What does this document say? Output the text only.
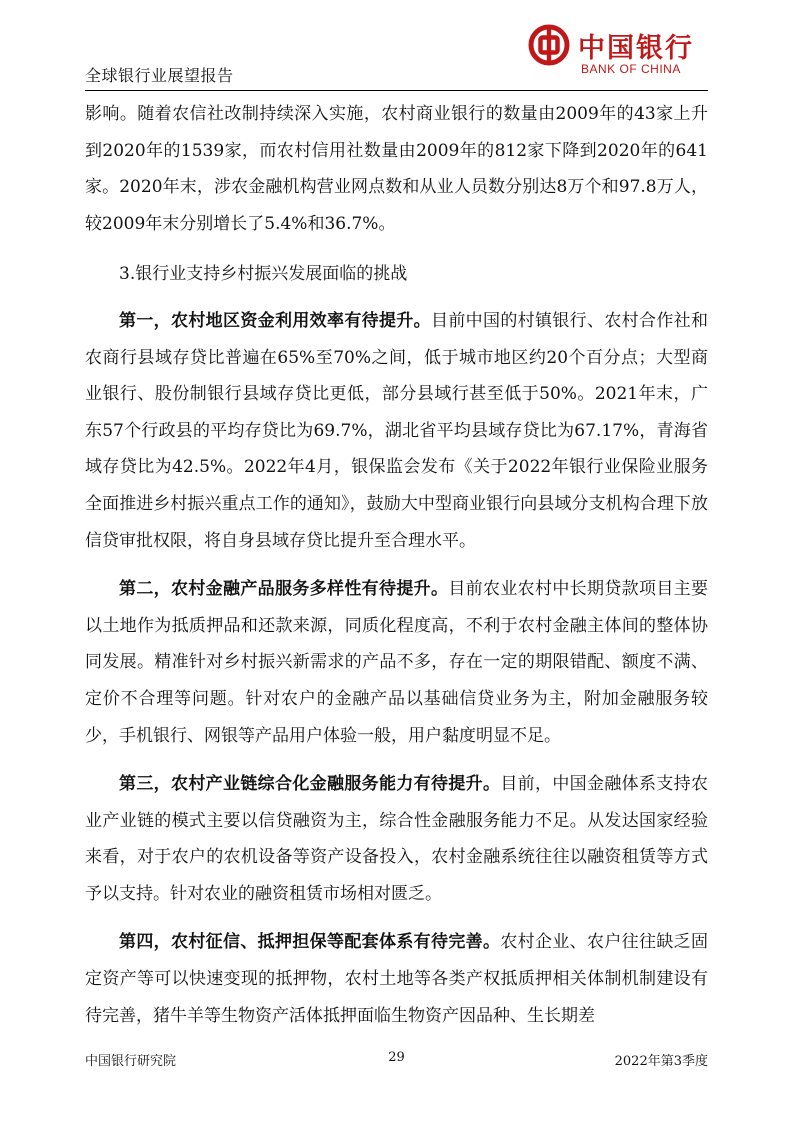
全球银行业展望报告
中国银行
BANK OF CHINA

影响。随着农信社改制持续深入实施，农村商业银行的数量由2009年的43家上升到2020年的1539家，而农村信用社数量由2009年的812家下降到2020年的641家。2020年末，涉农金融机构营业网点数和从业人员数分别达8万个和97.8万人，较2009年末分别增长了5.4%和36.7%。

3.银行业支持乡村振兴发展面临的挑战

第一，农村地区资金利用效率有待提升。目前中国的村镇银行、农村合作社和农商行县域存贷比普遍在65%至70%之间，低于城市地区约20个百分点；大型商业银行、股份制银行县域存贷比更低，部分县域行甚至低于50%。2021年末，广东57个行政县的平均存贷比为69.7%，湖北省平均县域存贷比为67.17%，青海省域存贷比为42.5%。2022年4月，银保监会发布《关于2022年银行业保险业服务全面推进乡村振兴重点工作的通知》，鼓励大中型商业银行向县域分支机构合理下放信贷审批权限，将自身县域存贷比提升至合理水平。

第二，农村金融产品服务多样性有待提升。目前农业农村中长期贷款项目主要以土地作为抵质押品和还款来源，同质化程度高，不利于农村金融主体间的整体协同发展。精准针对乡村振兴新需求的产品不多，存在一定的期限错配、额度不满、定价不合理等问题。针对农户的金融产品以基础信贷业务为主，附加金融服务较少，手机银行、网银等产品用户体验一般，用户黏度明显不足。

第三，农村产业链综合化金融服务能力有待提升。目前，中国金融体系支持农业产业链的模式主要以信贷融资为主，综合性金融服务能力不足。从发达国家经验来看，对于农户的农机设备等资产设备投入，农村金融系统往往以融资租赁等方式予以支持。针对农业的融资租赁市场相对匮乏。

第四，农村征信、抵押担保等配套体系有待完善。农村企业、农户往往缺乏固定资产等可以快速变现的抵押物，农村土地等各类产权抵质押相关体制机制建设有待完善，猪牛羊等生物资产活体抵押面临生物资产因品种、生长期差

中国银行研究院	29	2022年第3季度
